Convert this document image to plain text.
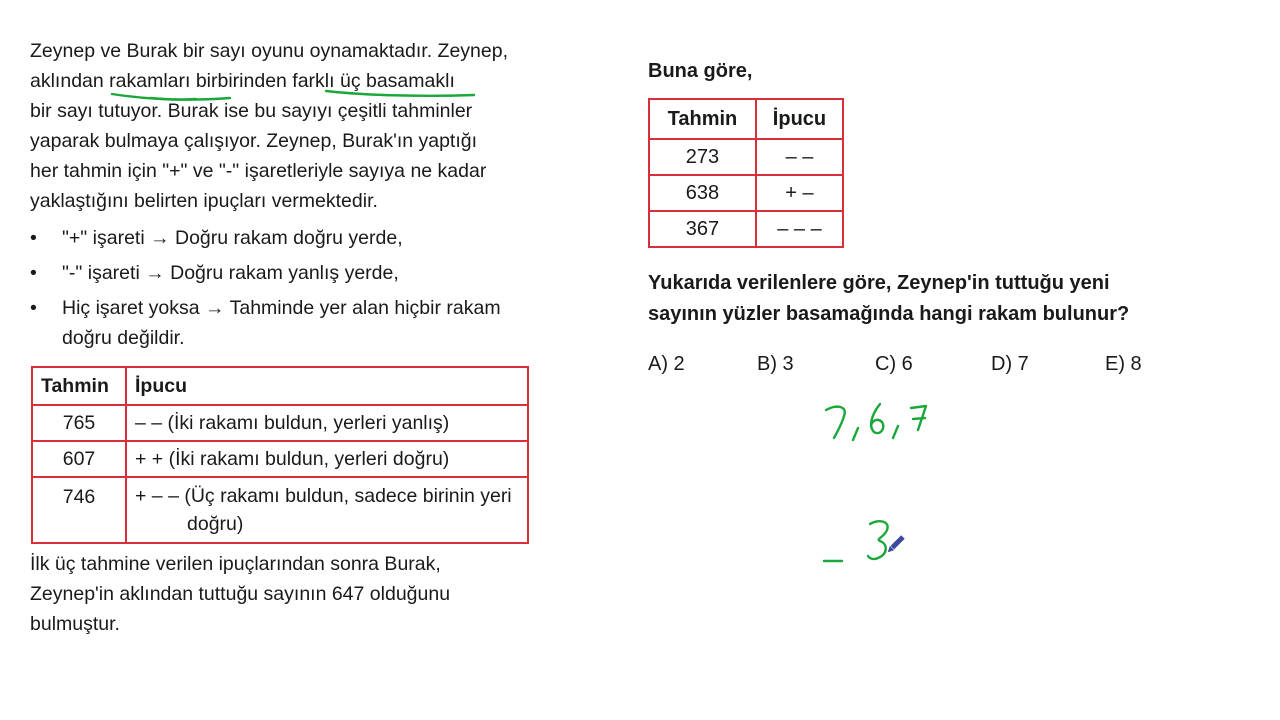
Zeynep ve Burak bir sayı oyunu oynamaktadır. Zeynep,
aklından rakamları birbirinden farklı üç basamaklı
bir sayı tutuyor. Burak ise bu sayıyı çeşitli tahminler
yaparak bulmaya çalışıyor. Zeynep, Burak'ın yaptığı
her tahmin için "+" ve "-" işaretleriyle sayıya ne kadar
yaklaştığını belirten ipuçları vermektedir.

• "+" işareti → Doğru rakam doğru yerde,
• "-" işareti → Doğru rakam yanlış yerde,
• Hiç işaret yoksa → Tahminde yer alan hiçbir rakam
doğru değildir.
Tahmin	İpucu
765	– – (İki rakamı buldun, yerleri yanlış)
607	+ + (İki rakamı buldun, yerleri doğru)
746	+ – – (Üç rakamı buldun, sadece birinin yeri
doğru)

İlk üç tahmine verilen ipuçlarından sonra Burak,
Zeynep'in aklından tuttuğu sayının 647 olduğunu
bulmuştur.

Buna göre,

Tahmin	İpucu
273	– –
638	+ –
367	– – –

Yukarıda verilenlere göre, Zeynep'in tuttuğu yeni
sayının yüzler basamağında hangi rakam bulunur?

A) 2	B) 3	C) 6	D) 7	E) 8
